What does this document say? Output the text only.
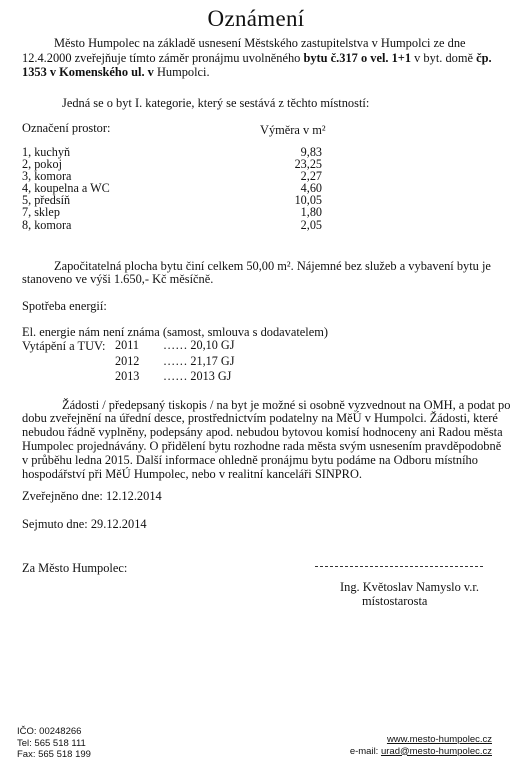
Oznámení

Město Humpolec na základě usnesení Městského zastupitelstva v Humpolci ze dne

12.4.2000 zveřejňuje tímto záměr pronájmu uvolněného bytu č.317 o vel. 1+1 v byt. domě čp.

1353 v Komenského ul. v Humpolci.

Jedná se o byt I. kategorie, který se sestává z těchto místností:
Označení prostor:	Výměra v m²
1, kuchyň	9,83
2, pokoj	23,25
3, komora	2,27
4, koupelna a WC	4,60
5, předsíň	10,05
7, sklep	1,80
8, komora	2,05

Započitatelná plocha bytu činí celkem 50,00 m². Nájemné bez služeb a vybavení bytu je

stanoveno ve výši 1.650,- Kč měsíčně.

Spotřeba energií:
El. energie nám není známa (samost, smlouva s dodavatelem)
Vytápění a TUV: 2011	…… 20,10 GJ
2012	…… 21,17 GJ
2013	…… 2013 GJ

Žádosti / předepsaný tiskopis / na byt je možné si osobně vyzvednout na OMH, a podat po

dobu zveřejnění na úřední desce, prostřednictvím podatelny na MěÚ v Humpolci. Žádosti, které

nebudou řádně vyplněny, podepsány apod. nebudou bytovou komisí hodnoceny ani Radou města

Humpolec projednávány. O přidělení bytu rozhodne rada města svým usnesením pravděpodobně

v průběhu ledna 2015. Další informace ohledně pronájmu bytu podáme na Odboru místního

hospodářství při MěÚ Humpolec, nebo v realitní kanceláři SINPRO.

Zveřejněno dne: 12.12.2014
Sejmuto dne: 29.12.2014
Za Město Humpolec:
Ing. Květoslav Namyslo v.r.
místostarosta
IČO: 00248266
Tel: 565 518 111
Fax: 565 518 199
www.mesto-humpolec.cz
e-mail: urad@mesto-humpolec.cz
